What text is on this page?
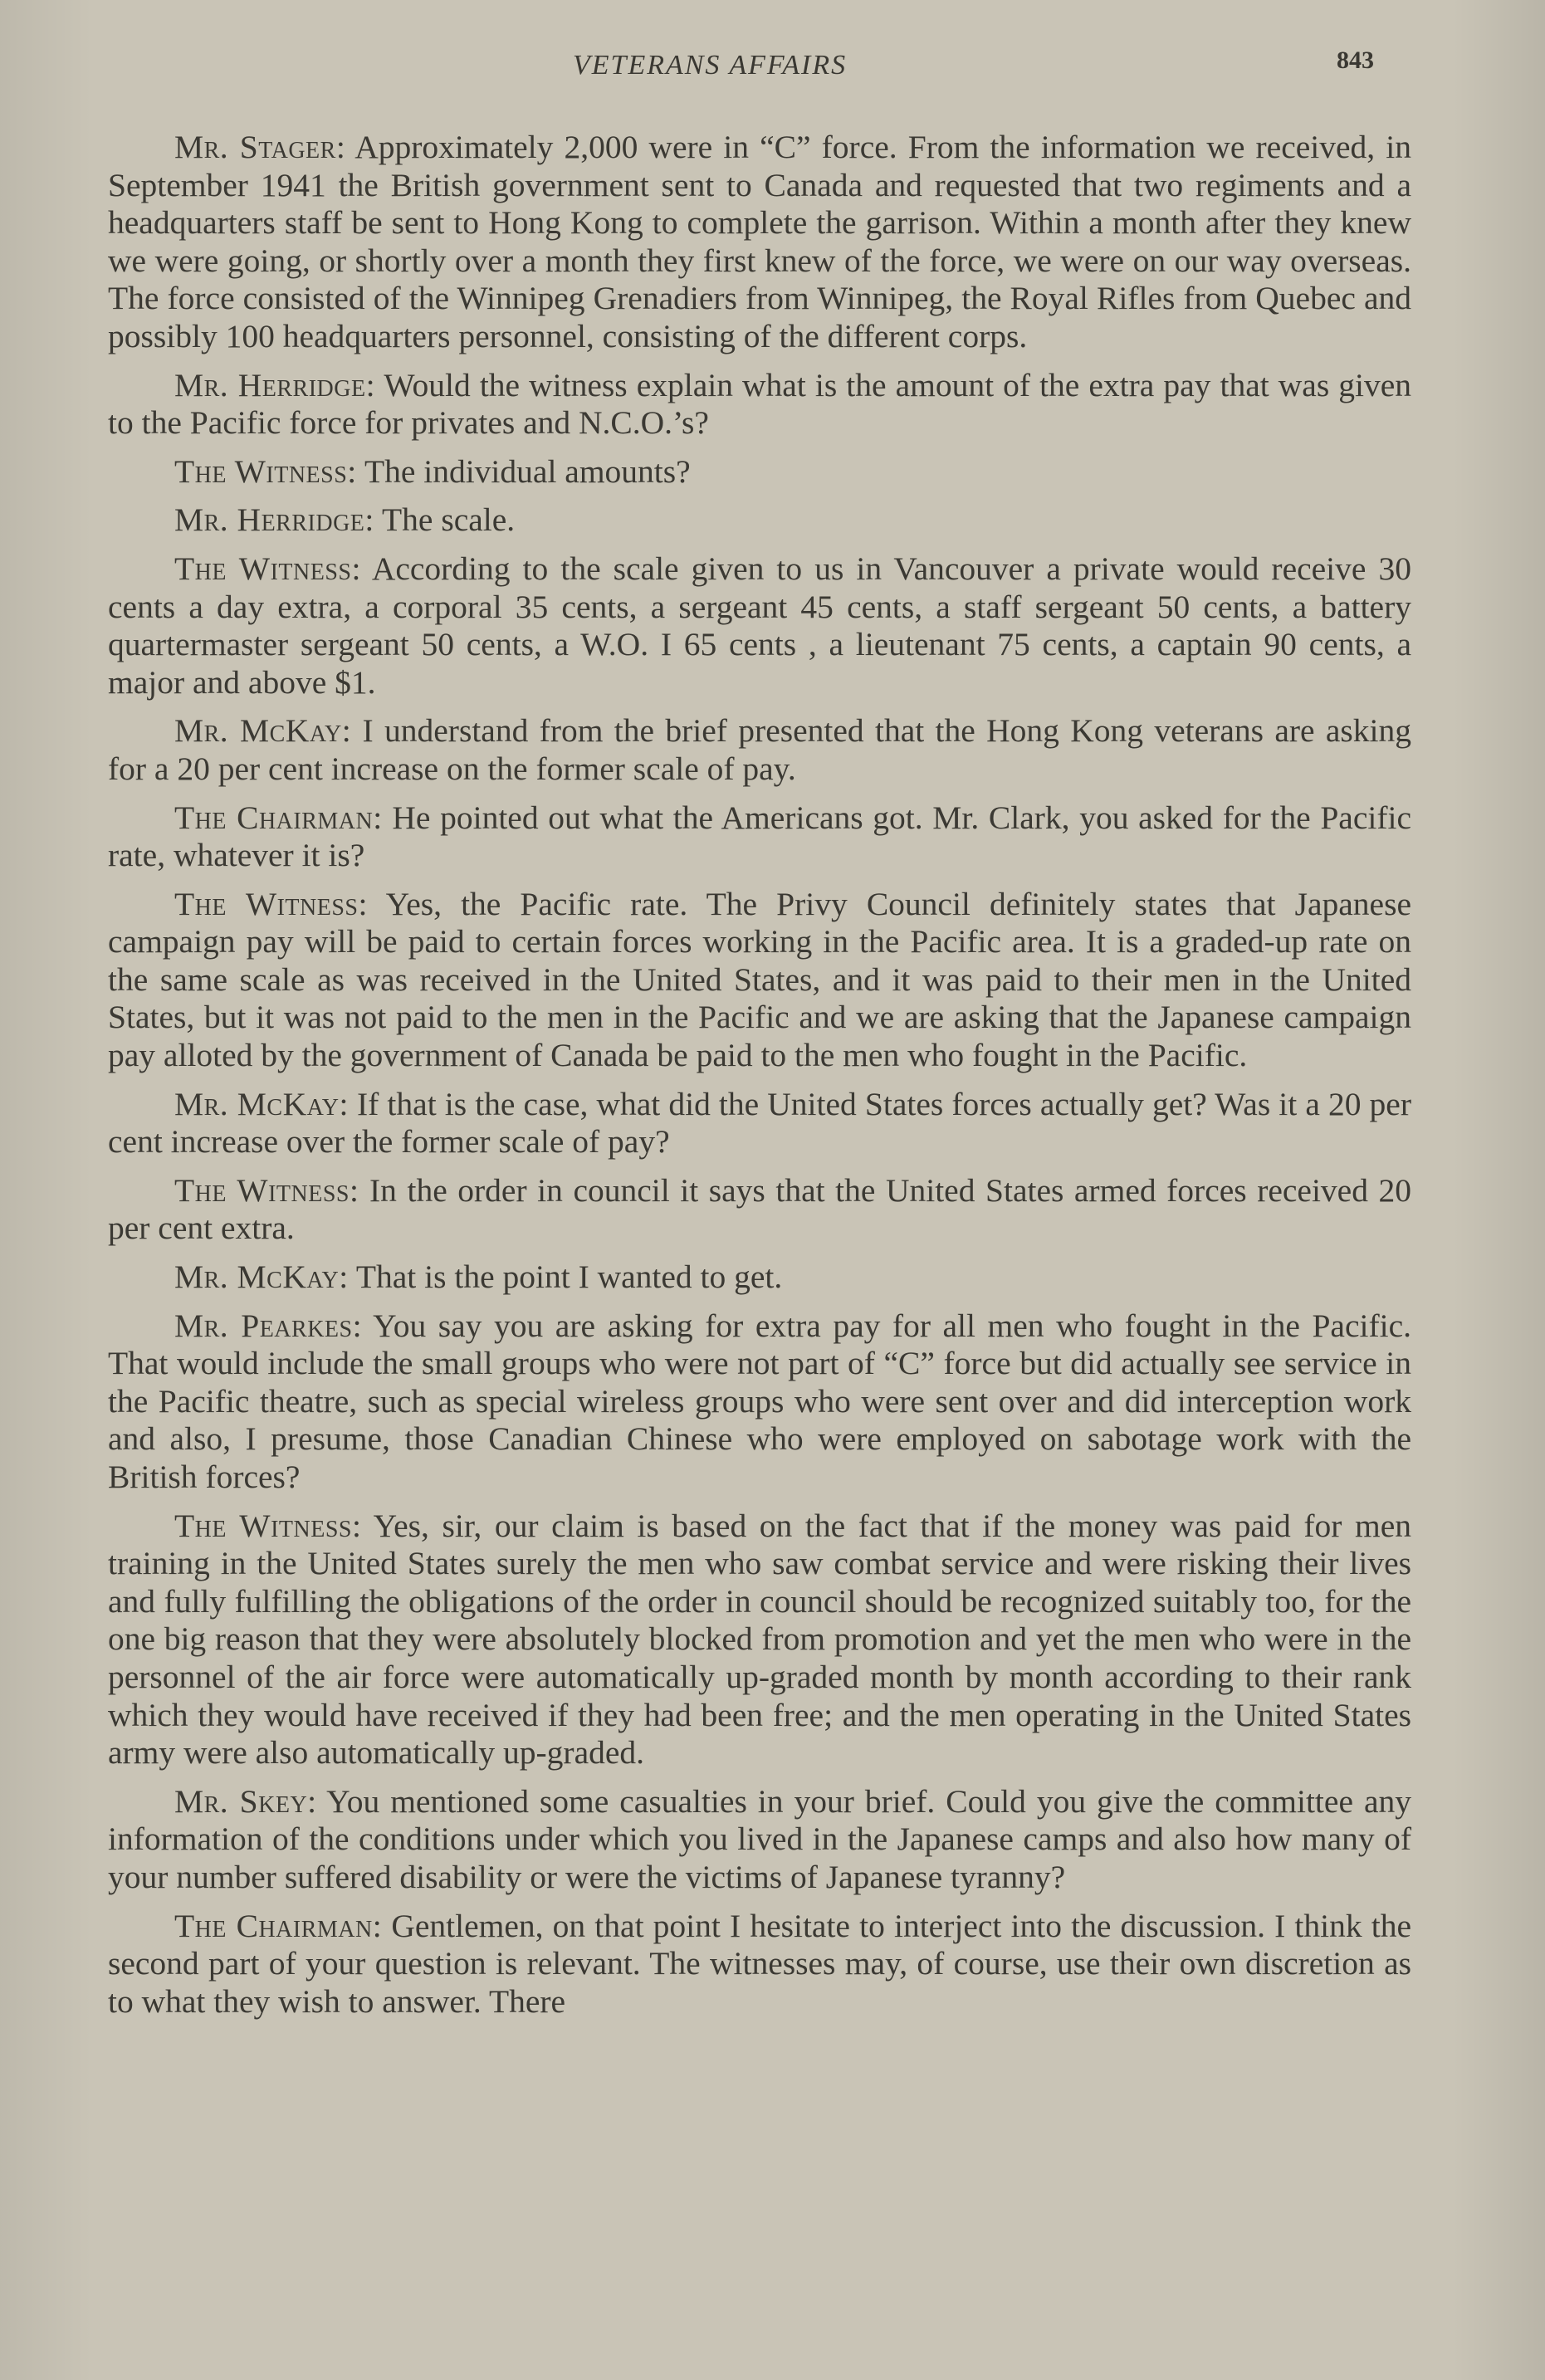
VETERANS AFFAIRS	843

Mr. Stager: Approximately 2,000 were in “C” force. From the information we received, in September 1941 the British government sent to Canada and requested that two regiments and a headquarters staff be sent to Hong Kong to complete the garrison. Within a month after they knew we were going, or shortly over a month they first knew of the force, we were on our way overseas. The force consisted of the Winnipeg Grenadiers from Winnipeg, the Royal Rifles from Quebec and possibly 100 headquarters personnel, consisting of the different corps.

Mr. Herridge: Would the witness explain what is the amount of the extra pay that was given to the Pacific force for privates and N.C.O.’s?

The Witness: The individual amounts?

Mr. Herridge: The scale.

The Witness: According to the scale given to us in Vancouver a private would receive 30 cents a day extra, a corporal 35 cents, a sergeant 45 cents, a staff sergeant 50 cents, a battery quartermaster sergeant 50 cents, a W.O. I 65 cents , a lieutenant 75 cents, a captain 90 cents, a major and above $1.

Mr. McKay: I understand from the brief presented that the Hong Kong veterans are asking for a 20 per cent increase on the former scale of pay.

The Chairman: He pointed out what the Americans got. Mr. Clark, you asked for the Pacific rate, whatever it is?

The Witness: Yes, the Pacific rate. The Privy Council definitely states that Japanese campaign pay will be paid to certain forces working in the Pacific area. It is a graded-up rate on the same scale as was received in the United States, and it was paid to their men in the United States, but it was not paid to the men in the Pacific and we are asking that the Japanese campaign pay alloted by the government of Canada be paid to the men who fought in the Pacific.

Mr. McKay: If that is the case, what did the United States forces actually get? Was it a 20 per cent increase over the former scale of pay?

The Witness: In the order in council it says that the United States armed forces received 20 per cent extra.

Mr. McKay: That is the point I wanted to get.

Mr. Pearkes: You say you are asking for extra pay for all men who fought in the Pacific. That would include the small groups who were not part of “C” force but did actually see service in the Pacific theatre, such as special wireless groups who were sent over and did interception work and also, I presume, those Canadian Chinese who were employed on sabotage work with the British forces?

The Witness: Yes, sir, our claim is based on the fact that if the money was paid for men training in the United States surely the men who saw combat service and were risking their lives and fully fulfilling the obligations of the order in council should be recognized suitably too, for the one big reason that they were absolutely blocked from promotion and yet the men who were in the personnel of the air force were automatically up-graded month by month according to their rank which they would have received if they had been free; and the men operating in the United States army were also automatically up-graded.

Mr. Skey: You mentioned some casualties in your brief. Could you give the committee any information of the conditions under which you lived in the Japanese camps and also how many of your number suffered disability or were the victims of Japanese tyranny?

The Chairman: Gentlemen, on that point I hesitate to interject into the discussion. I think the second part of your question is relevant. The witnesses may, of course, use their own discretion as to what they wish to answer. There
